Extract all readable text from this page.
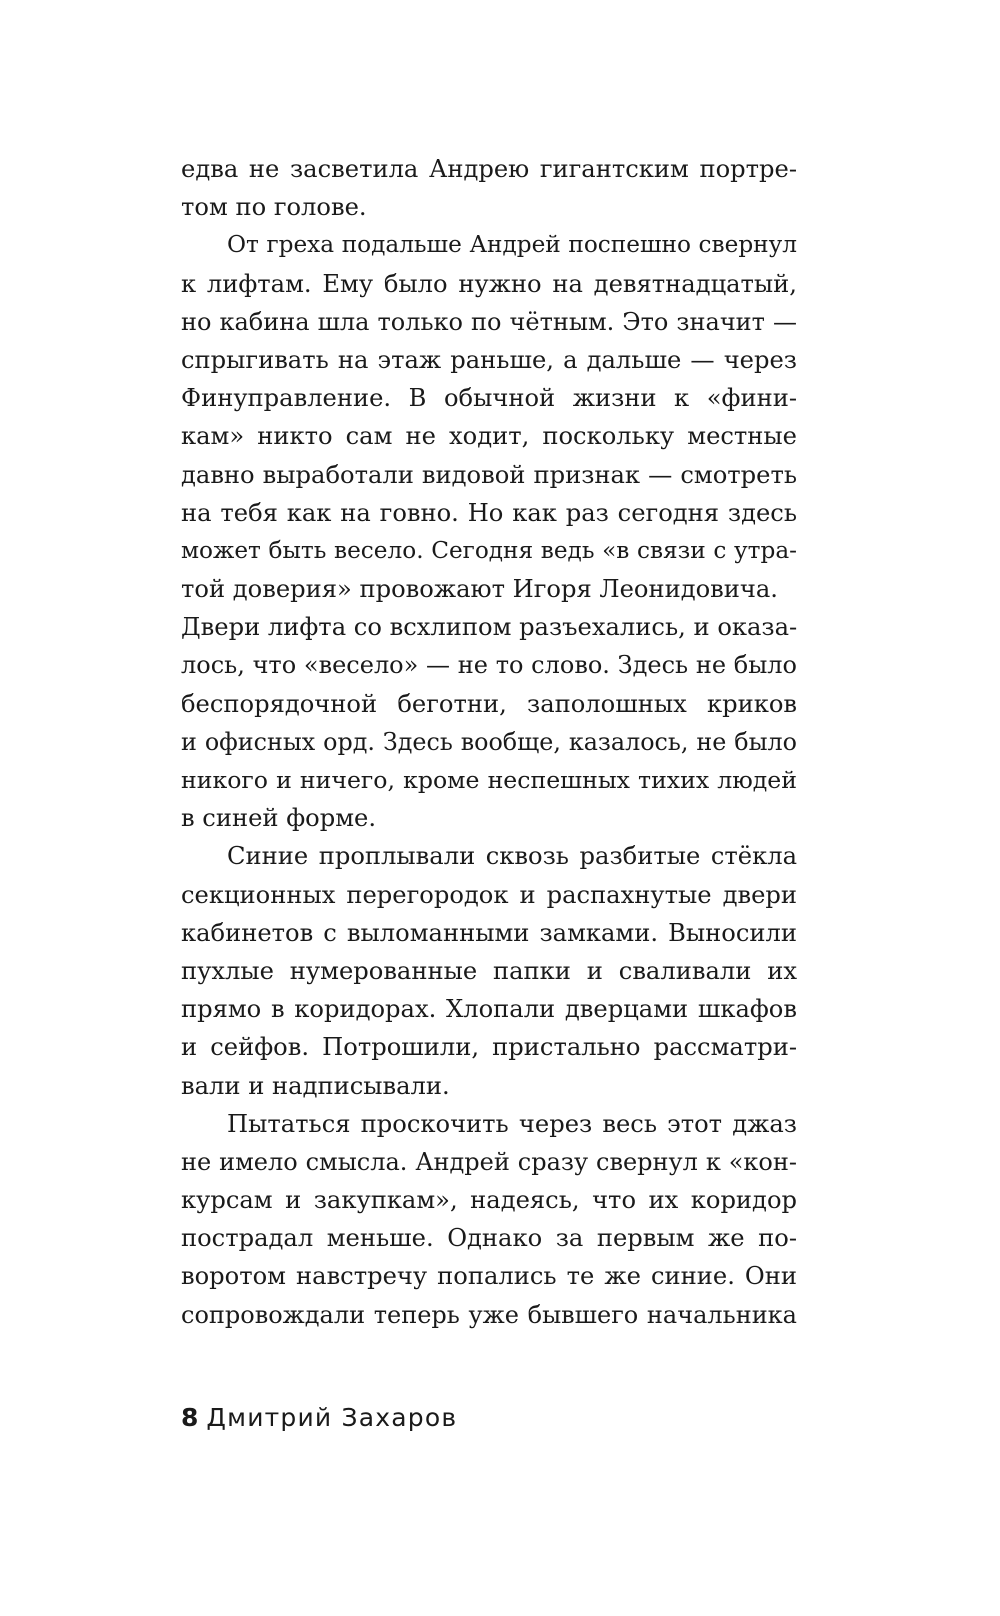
едва не засветила Андрею гигантским портре-
том по голове.
От греха подальше Андрей поспешно свернул
к лифтам. Ему было нужно на девятнадцатый,
но кабина шла только по чётным. Это значит —
спрыгивать на этаж раньше, а дальше — через
Финуправление. В обычной жизни к «фини-
кам» никто сам не ходит, поскольку местные
давно выработали видовой признак — смотреть
на тебя как на говно. Но как раз сегодня здесь
может быть весело. Сегодня ведь «в связи с утра-
той доверия» провожают Игоря Леонидовича.
Двери лифта со всхлипом разъехались, и оказа-
лось, что «весело» — не то слово. Здесь не было
беспорядочной беготни, заполошных криков
и офисных орд. Здесь вообще, казалось, не было
никого и ничего, кроме неспешных тихих людей
в синей форме.
Синие проплывали сквозь разбитые стёкла
секционных перегородок и распахнутые двери
кабинетов с выломанными замками. Выносили
пухлые нумерованные папки и сваливали их
прямо в коридорах. Хлопали дверцами шкафов
и сейфов. Потрошили, пристально рассматри-
вали и надписывали.
Пытаться проскочить через весь этот джаз
не имело смысла. Андрей сразу свернул к «кон-
курсам и закупкам», надеясь, что их коридор
пострадал меньше. Однако за первым же по-
воротом навстречу попались те же синие. Они
сопровождали теперь уже бывшего начальника
8 Дмитрий Захаров
